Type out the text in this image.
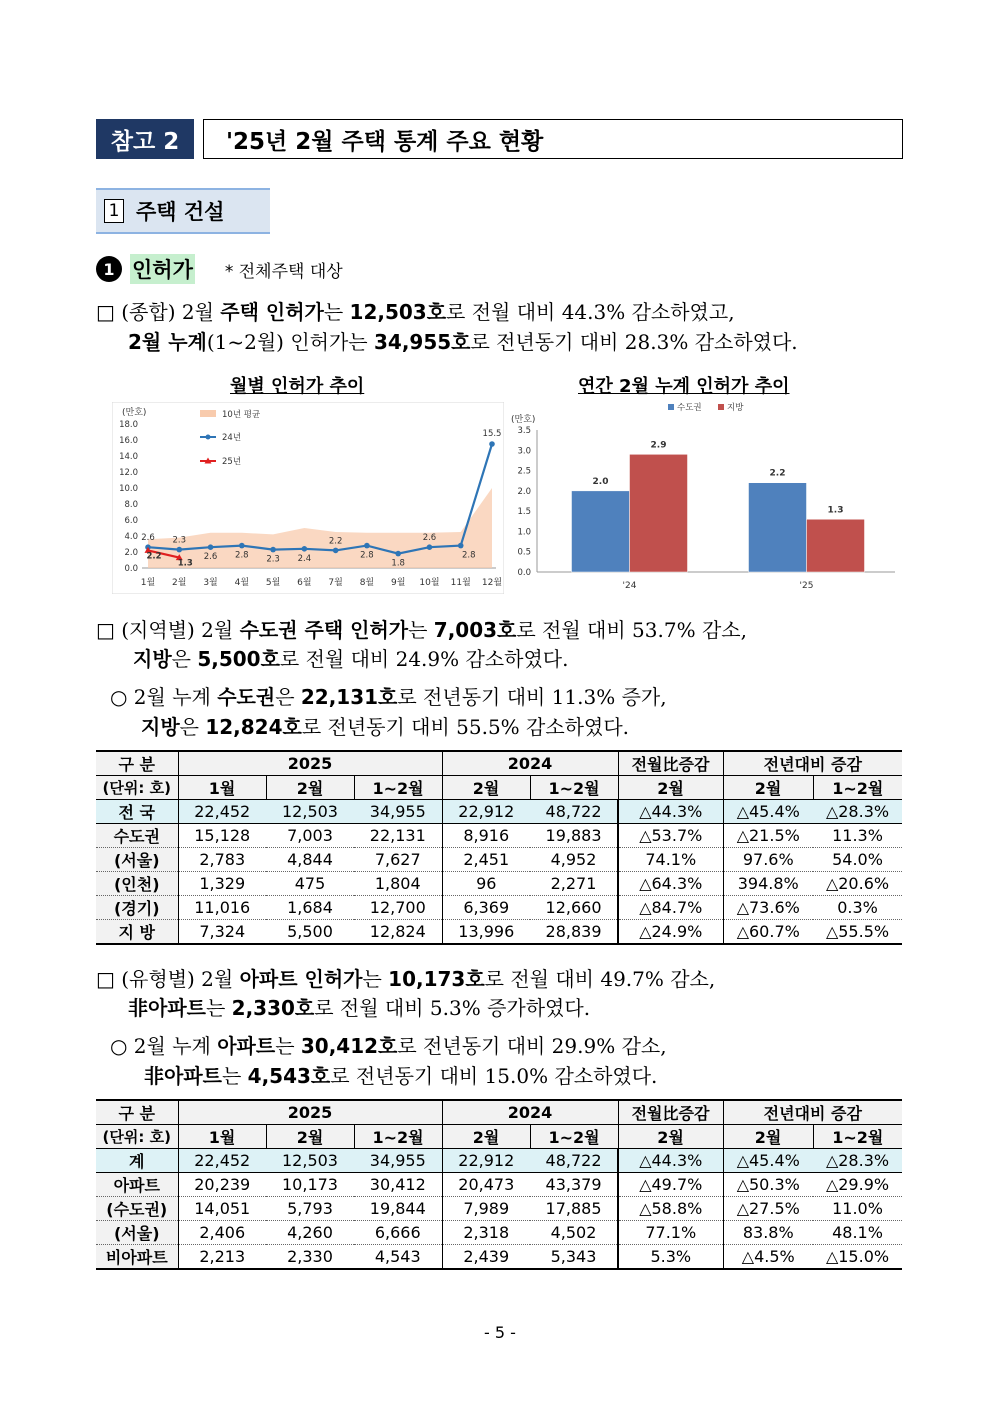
참고 2	'25년 2월 주택 통계 주요 현황
1 주택 건설
1 인허가 * 전체주택 대상
□ (종합) 2월 주택 인허가는 12,503호로 전월 대비 44.3% 감소하였고,
2월 누계(1~2월) 인허가는 34,955호로 전년동기 대비 28.3% 감소하였다.
월별 인허가 추이	연간 2월 누계 인허가 추이
(만호)
0.0
2.0
4.0
6.0
8.0
10.0
12.0
14.0
16.0
18.0
1월 2월 3월 4월 5월 6월 7월 8월 9월 10월 11월 12월
2.6 2.3
2.6 2.8 2.3 2.4
2.2
2.8
1.8
2.6
2.8
15.5
2.2
1.3
10년 평균
24년
25년
(만호)
0.0
0.5
1.0
1.5
2.0
2.5
3.0
3.5
2.0
2.9
'24
2.2
1.3
'25
수도권	지방
□ (지역별) 2월 수도권 주택 인허가는 7,003호로 전월 대비 53.7% 감소,
지방은 5,500호로 전월 대비 24.9% 감소하였다.
○ 2월 누계 수도권은 22,131호로 전년동기 대비 11.3% 증가,
지방은 12,824호로 전년동기 대비 55.5% 감소하였다.
구 분	2025			2024		전월比증감	전년대비 증감	
(단위: 호)	1월	2월	1~2월	2월	1~2월	2월	2월	1~2월
전 국	22,452	12,503	34,955	22,912	48,722	△44.3%	△45.4%	△28.3%
수도권	15,128	7,003	22,131	8,916	19,883	△53.7%	△21.5%	11.3%
(서울)	2,783	4,844	7,627	2,451	4,952	74.1%	97.6%	54.0%
(인천)	1,329	475	1,804	96	2,271	△64.3%	394.8%	△20.6%
(경기)	11,016	1,684	12,700	6,369	12,660	△84.7%	△73.6%	0.3%
지 방	7,324	5,500	12,824	13,996	28,839	△24.9%	△60.7%	△55.5%
□ (유형별) 2월 아파트 인허가는 10,173호로 전월 대비 49.7% 감소,
非아파트는 2,330호로 전월 대비 5.3% 증가하였다.
○ 2월 누계 아파트는 30,412호로 전년동기 대비 29.9% 감소,
非아파트는 4,543호로 전년동기 대비 15.0% 감소하였다.
구 분	2025			2024		전월比증감	전년대비 증감	
(단위: 호)	1월	2월	1~2월	2월	1~2월	2월	2월	1~2월
계	22,452	12,503	34,955	22,912	48,722	△44.3%	△45.4%	△28.3%
아파트	20,239	10,173	30,412	20,473	43,379	△49.7%	△50.3%	△29.9%
(수도권)	14,051	5,793	19,844	7,989	17,885	△58.8%	△27.5%	11.0%
(서울)	2,406	4,260	6,666	2,318	4,502	77.1%	83.8%	48.1%
비아파트	2,213	2,330	4,543	2,439	5,343	5.3%	△4.5%	△15.0%
- 5 -
